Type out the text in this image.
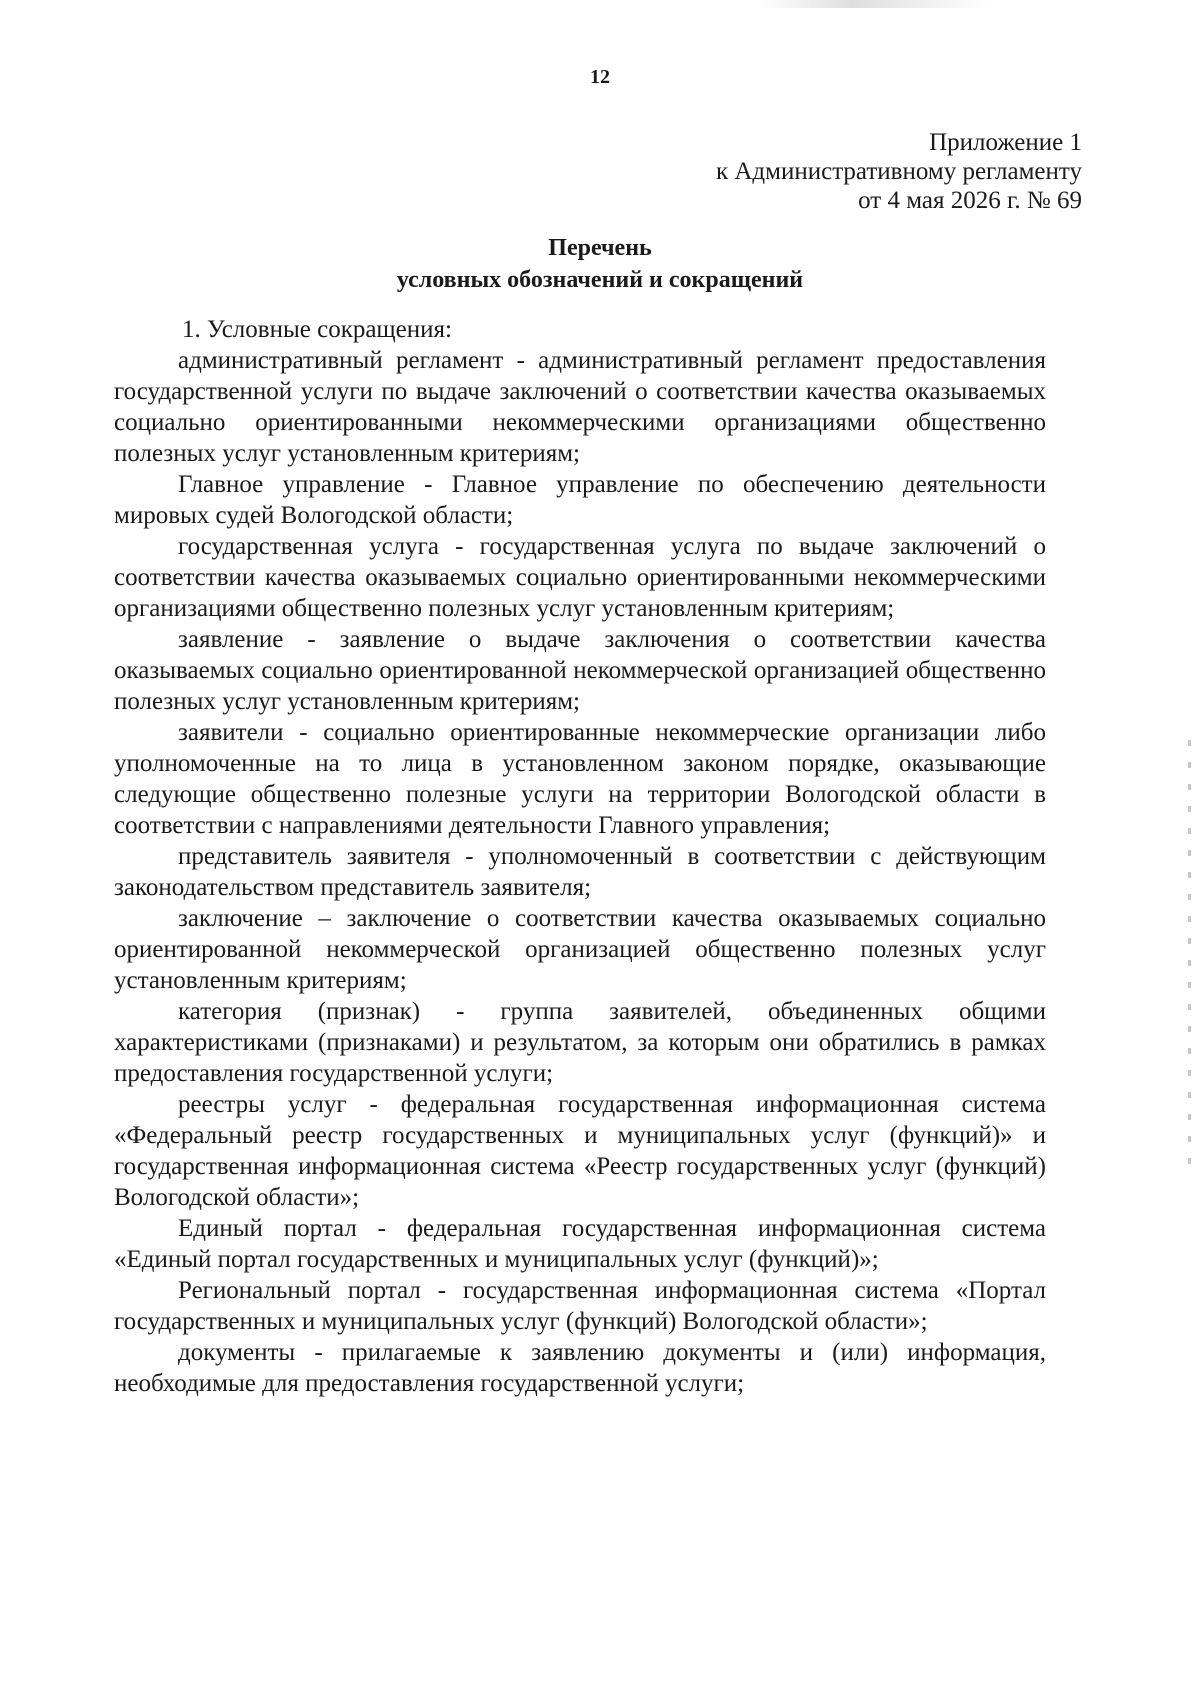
12
Приложение 1
к Административному регламенту
от 4 мая 2026 г. № 69
Перечень
условных обозначений и сокращений

1. Условные сокращения:

административный регламент - административный регламент предоставления государственной услуги по выдаче заключений о соответствии качества оказываемых социально ориентированными некоммерческими организациями общественно полезных услуг установленным критериям;

Главное управление - Главное управление по обеспечению деятельности мировых судей Вологодской области;

государственная услуга - государственная услуга по выдаче заключений о соответствии качества оказываемых социально ориентированными некоммерческими организациями общественно полезных услуг установленным критериям;

заявление - заявление о выдаче заключения о соответствии качества оказываемых социально ориентированной некоммерческой организацией общественно полезных услуг установленным критериям;

заявители - социально ориентированные некоммерческие организации либо уполномоченные на то лица в установленном законом порядке, оказывающие следующие общественно полезные услуги на территории Вологодской области в соответствии с направлениями деятельности Главного управления;

представитель заявителя - уполномоченный в соответствии с действующим законодательством представитель заявителя;

заключение – заключение о соответствии качества оказываемых социально ориентированной некоммерческой организацией общественно полезных услуг установленным критериям;

категория (признак) - группа заявителей, объединенных общими характеристиками (признаками) и результатом, за которым они обратились в рамках предоставления государственной услуги;

реестры услуг - федеральная государственная информационная система «Федеральный реестр государственных и муниципальных услуг (функций)» и государственная информационная система «Реестр государственных услуг (функций) Вологодской области»;

Единый портал - федеральная государственная информационная система «Единый портал государственных и муниципальных услуг (функций)»;

Региональный портал - государственная информационная система «Портал государственных и муниципальных услуг (функций) Вологодской области»;

документы - прилагаемые к заявлению документы и (или) информация, необходимые для предоставления государственной услуги;
